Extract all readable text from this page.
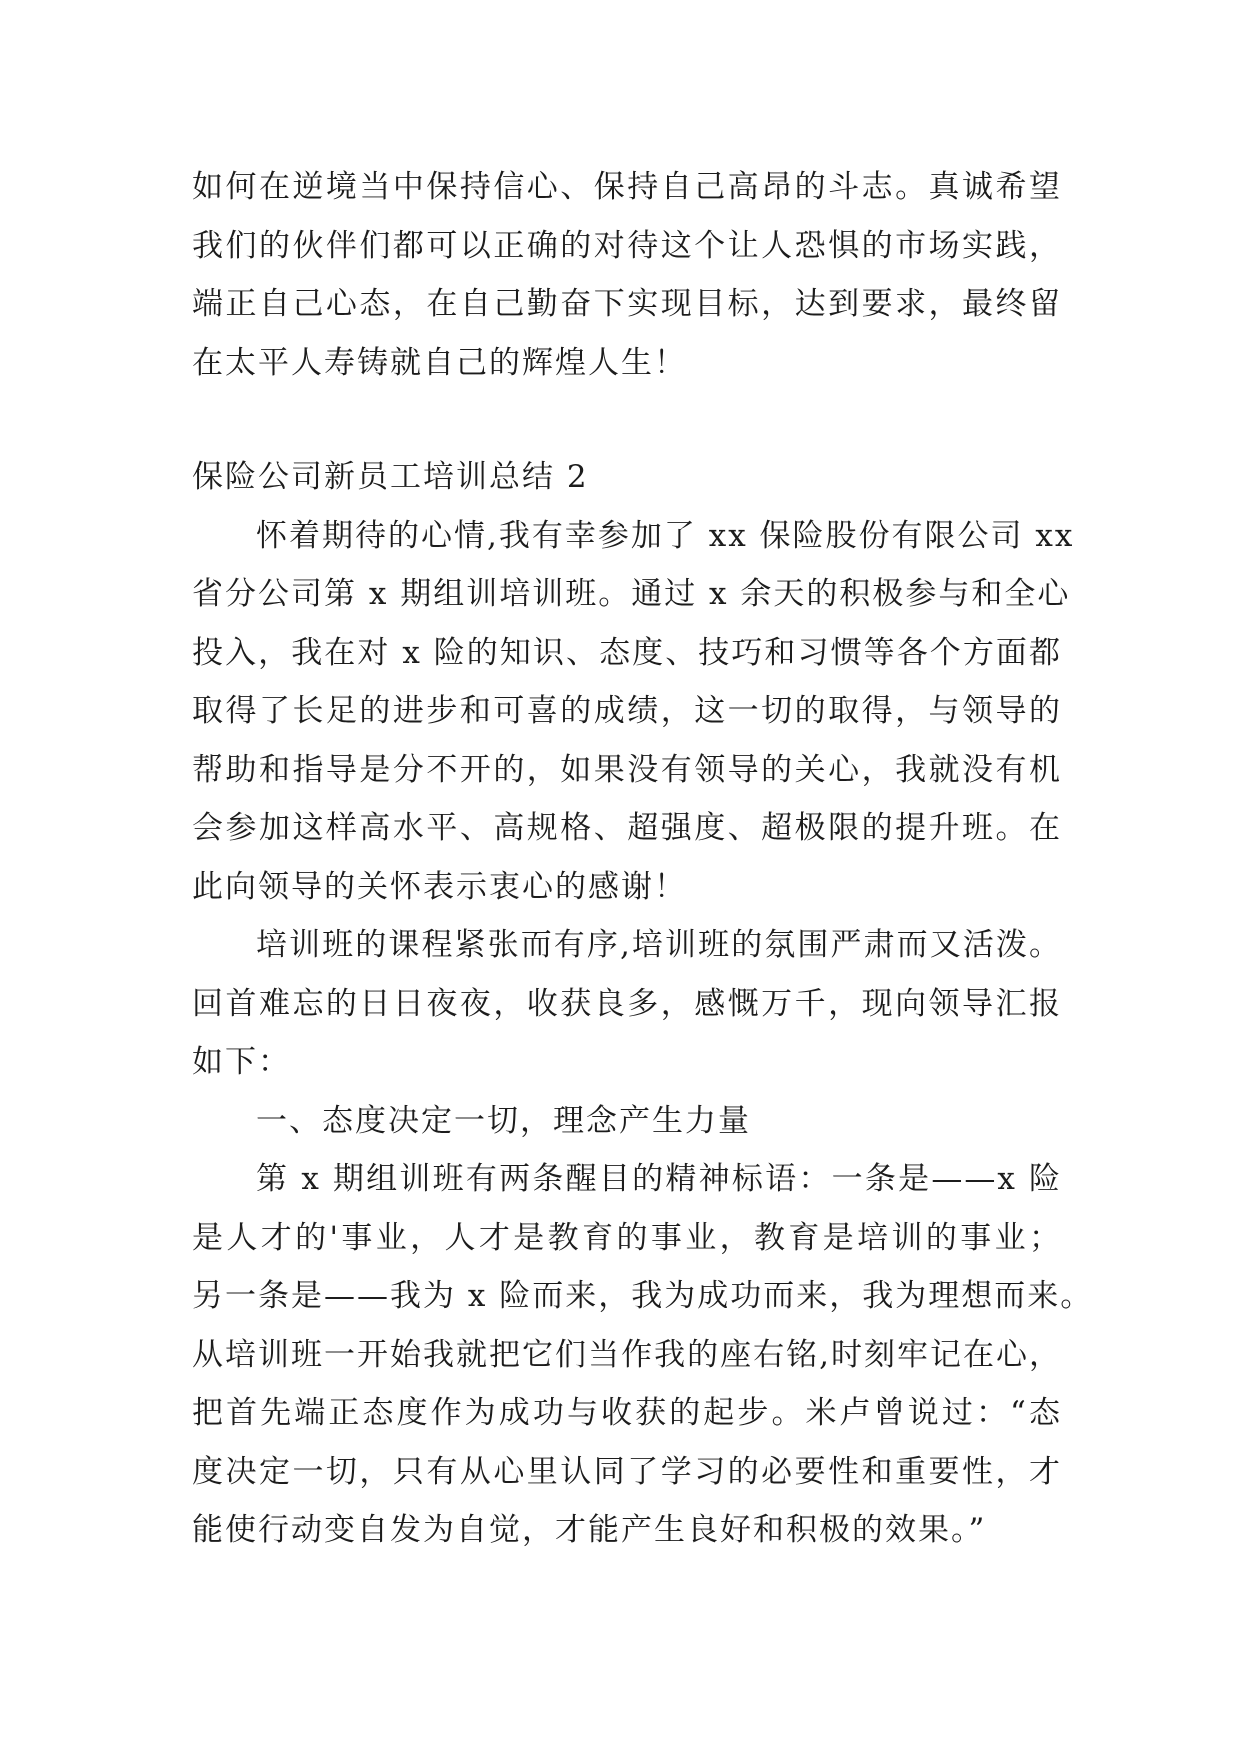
如何在逆境当中保持信心、保持自己高昂的斗志。真诚希望
我们的伙伴们都可以正确的对待这个让人恐惧的市场实践，
端正自己心态，在自己勤奋下实现目标，达到要求，最终留
在太平人寿铸就自己的辉煌人生！
保险公司新员工培训总结 2
怀着期待的心情,我有幸参加了 xx 保险股份有限公司 xx
省分公司第 x 期组训培训班。通过 x 余天的积极参与和全心
投入，我在对 x 险的知识、态度、技巧和习惯等各个方面都
取得了长足的进步和可喜的成绩，这一切的取得，与领导的
帮助和指导是分不开的，如果没有领导的关心，我就没有机
会参加这样高水平、高规格、超强度、超极限的提升班。在
此向领导的关怀表示衷心的感谢！
培训班的课程紧张而有序,培训班的氛围严肃而又活泼。
回首难忘的日日夜夜，收获良多，感慨万千，现向领导汇报
如下：
一、态度决定一切，理念产生力量
第 x 期组训班有两条醒目的精神标语：一条是——x 险
是人才的'事业，人才是教育的事业，教育是培训的事业；
另一条是——我为 x 险而来，我为成功而来，我为理想而来。
从培训班一开始我就把它们当作我的座右铭,时刻牢记在心，
把首先端正态度作为成功与收获的起步。米卢曾说过：“态
度决定一切，只有从心里认同了学习的必要性和重要性，才
能使行动变自发为自觉，才能产生良好和积极的效果。”
